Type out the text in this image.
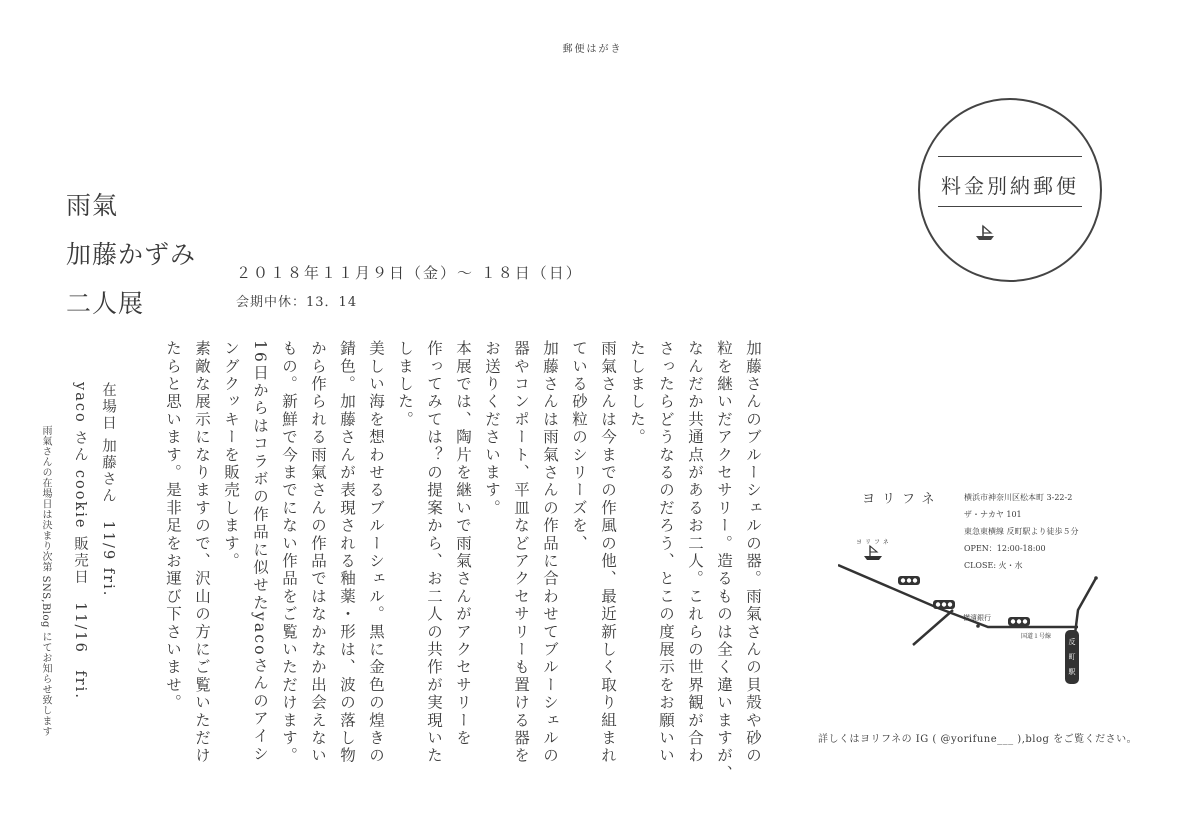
郵便はがき
雨氣
加藤かずみ
二人展
２０１８年１１月９日（金）〜 １８日（日）
会期中休：13．14
料金別納郵便

加藤さんのブルーシェルの器。雨氣さんの貝殻や砂の

粒を継いだアクセサリー。造るものは全く違いますが、

なんだか共通点があるお二人。これらの世界観が合わ

さったらどうなるのだろう、とこの度展示をお願いい

たしました。

雨氣さんは今までの作風の他、最近新しく取り組まれ

ている砂粒のシリーズを、

加藤さんは雨氣さんの作品に合わせてブルーシェルの

器やコンポート、平皿などアクセサリーも置ける器を

お送りくださいます。

本展では、陶片を継いで雨氣さんがアクセサリーを

作ってみては？の提案から、お二人の共作が実現いた

しました。

美しい海を想わせるブルーシェル。黒に金色の煌きの

錆色。加藤さんが表現される釉薬・形は、波の落し物

から作られる雨氣さんの作品ではなかなか出会えない

もの。新鮮で今までにない作品をご覧いただけます。

16日からはコラボの作品に似せたyacoさんのアイシ

ングクッキーを販売します。

素敵な展示になりますので、沢山の方にご覧いただけ

たらと思います。是非足をお運び下さいませ。

在場日 加藤さん　11/9 fri.
yaco さん cookie 販売日　11/16　fri.
雨氣さんの在場日は決まり次第 SNS,Blog にてお知らせ致します	ヨリフネ	横浜市神奈川区松本町 3-22-2
ザ・ナカヤ 101
東急東横線 反町駅より徒歩５分
OPEN：12:00-18:00
CLOSE: 火・水
反
町
駅
ヨリフネ
横濱銀行
国道１号線
詳しくはヨリフネの IG ( @yorifune___ ),blog をご覧ください。
